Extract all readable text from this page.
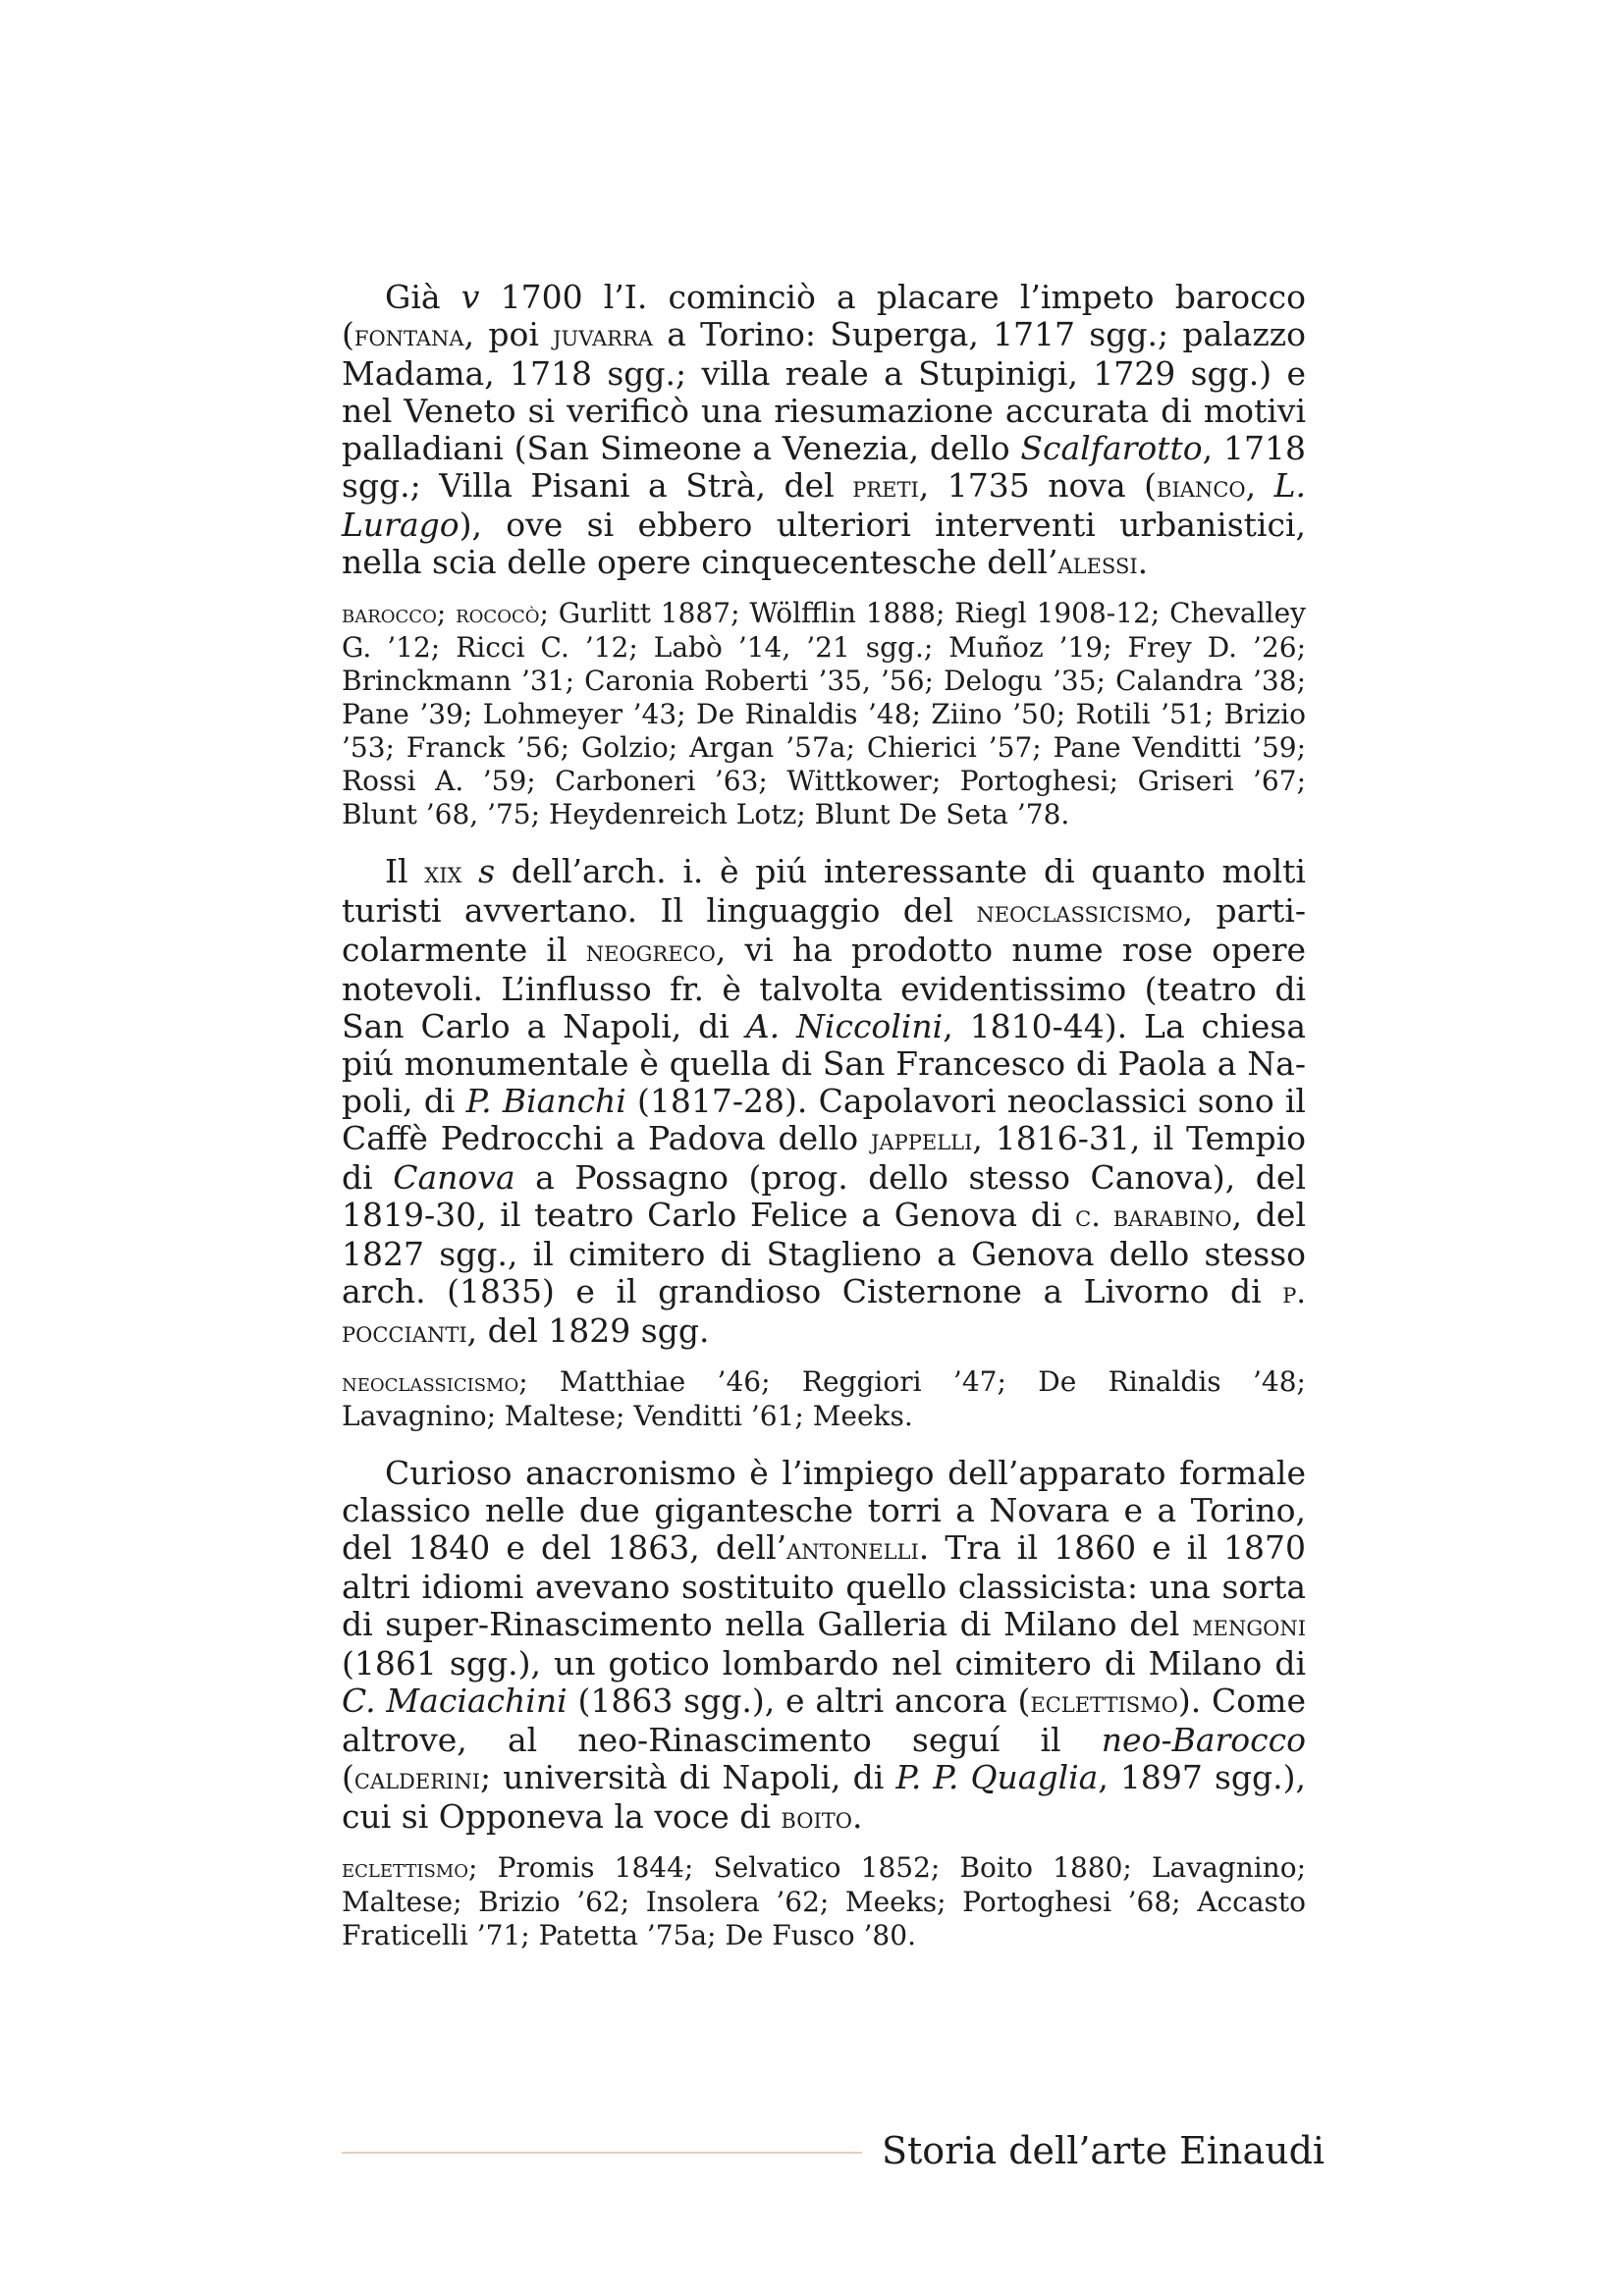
Già v 1700 l’I. cominciò a placare l’impeto barocco (fontana, poi juvarra a Torino: Superga, 1717 sgg.; palazzo Madama, 1718 sgg.; villa reale a Stupinigi, 1729 sgg.) e nel Veneto si verificò una riesumazione accurata di motivi palladiani (San Simeone a Venezia, dello Scalfarotto, 1718 sgg.; Villa Pisani a Strà, del preti, 1735 nova (bianco, L. Lurago), ove si ebbero ulteriori interventi urbanistici, nella scia delle opere cinquecentesche dell’alessi.

barocco; rococò; Gurlitt 1887; Wölfflin 1888; Riegl 1908-12; Chevalley G. ’12; Ricci C. ’12; Labò ’14, ’21 sgg.; Muñoz ’19; Frey D. ’26; Brinckmann ’31; Caronia Roberti ’35, ’56; Delogu ’35; Calandra ’38; Pane ’39; Lohmeyer ’43; De Rinaldis ’48; Ziino ’50; Rotili ’51; Brizio ’53; Franck ’56; Golzio; Argan ’57a; Chierici ’57; Pane Venditti ’59; Rossi A. ’59; Carboneri ’63; Wittkower; Portoghesi; Griseri ’67; Blunt ’68, ’75; Heydenreich Lotz; Blunt De Seta ’78.

Il xix s dell’arch. i. è piú interessante di quanto molti turisti avvertano. Il linguaggio del neoclassicismo, particolarmente il neogreco, vi ha prodotto nume rose opere notevoli. L’influsso fr. è talvolta evidentissimo (teatro di San Carlo a Napoli, di A. Niccolini, 1810-44). La chiesa piú monumentale è quella di San Francesco di Paola a Napoli, di P. Bianchi (1817-28). Capolavori neoclassici sono il Caffè Pedrocchi a Padova dello jappelli, 1816-31, il Tempio di Canova a Possagno (prog. dello stesso Canova), del 1819-30, il teatro Carlo Felice a Genova di c. barabino, del 1827 sgg., il cimitero di Staglieno a Genova dello stesso arch. (1835) e il grandioso Cisternone a Livorno di p. poccianti, del 1829 sgg.

neoclassicismo; Matthiae ’46; Reggiori ’47; De Rinaldis ’48; Lavagnino; Maltese; Venditti ’61; Meeks.

Curioso anacronismo è l’impiego dell’apparato formale classico nelle due gigantesche torri a Novara e a Torino, del 1840 e del 1863, dell’antonelli. Tra il 1860 e il 1870 altri idiomi avevano sostituito quello classicista: una sorta di super-Rinascimento nella Galleria di Milano del mengoni (1861 sgg.), un gotico lombardo nel cimitero di Milano di C. Maciachini (1863 sgg.), e altri ancora (eclettismo). Come altrove, al neo-Rinascimento seguí il neo-Barocco (calderini; università di Napoli, di P. P. Quaglia, 1897 sgg.), cui si Opponeva la voce di boito.

eclettismo; Promis 1844; Selvatico 1852; Boito 1880; Lavagnino; Maltese; Brizio ’62; Insolera ’62; Meeks; Portoghesi ’68; Accasto Fraticelli ’71; Patetta ’75a; De Fusco ’80.

Storia dell’arte Einaudi
